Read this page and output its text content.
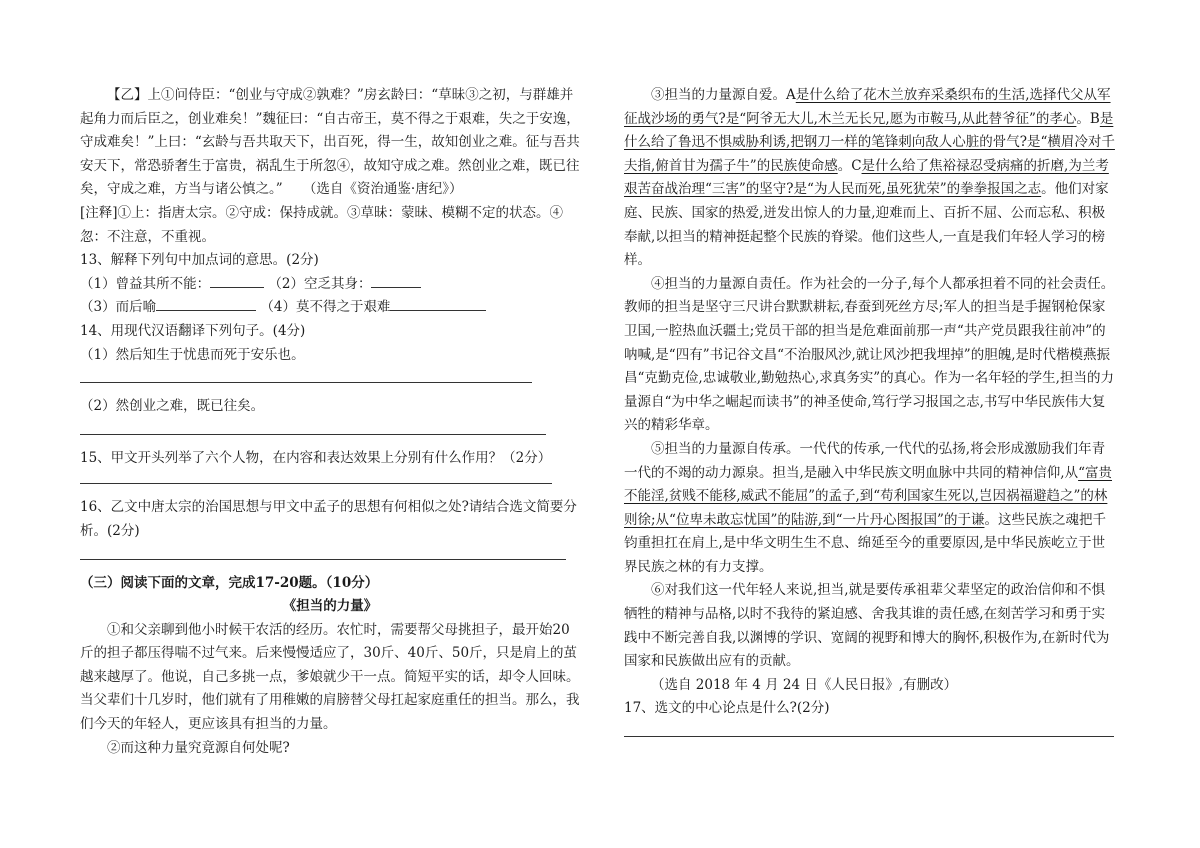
【乙】上①问侍臣：“创业与守成②孰难？”房玄龄曰：“草昧③之初，与群雄并起角力而后臣之，创业难矣！”魏征曰：“自古帝王，莫不得之于艰难，失之于安逸，守成难矣！”上曰：“玄龄与吾共取天下，出百死，得一生，故知创业之难。征与吾共安天下，常恐骄奢生于富贵，祸乱生于所忽④，故知守成之难。然创业之难，既已往矣，守成之难，方当与诸公慎之。”　　（选自《资治通鉴·唐纪》）

[注释]①上：指唐太宗。②守成：保持成就。③草昧：蒙昧、模糊不定的状态。④忽：不注意，不重视。

13、解释下列句中加点词的意思。(2分)

（1）曾益其所不能：	（2）空乏其身：

（3）而后喻	（4）莫不得之于艰难

14、用现代汉语翻译下列句子。(4分)

（1）然后知生于忧患而死于安乐也。

（2）然创业之难，既已往矣。

15、甲文开头列举了六个人物，在内容和表达效果上分别有什么作用？（2分）

16、乙文中唐太宗的治国思想与甲文中孟子的思想有何相似之处?请结合选文简要分析。(2分)

（三）阅读下面的文章，完成17-20题。（10分）

《担当的力量》

①和父亲聊到他小时候干农活的经历。农忙时，需要帮父母挑担子，最开始20斤的担子都压得喘不过气来。后来慢慢适应了，30斤、40斤、50斤，只是肩上的茧越来越厚了。他说，自己多挑一点，爹娘就少干一点。简短平实的话，却令人回味。当父辈们十几岁时，他们就有了用稚嫩的肩膀替父母扛起家庭重任的担当。那么，我们今天的年轻人，更应该具有担当的力量。

②而这种力量究竟源自何处呢?

③担当的力量源自爱。A是什么给了花木兰放弃采桑织布的生活,选择代父从军征战沙场的勇气?是“阿爷无大儿,木兰无长兄,愿为市鞍马,从此替爷征”的孝心。B是什么给了鲁迅不惧威胁利诱,把钢刀一样的笔锋刺向敌人心脏的骨气?是“横眉冷对千夫指,俯首甘为孺子牛”的民族使命感。C是什么给了焦裕禄忍受病痛的折磨,为兰考艰苦奋战治理“三害”的坚守?是“为人民而死,虽死犹荣”的拳拳报国之志。他们对家庭、民族、国家的热爱,迸发出惊人的力量,迎难而上、百折不屈、公而忘私、积极奉献,以担当的精神挺起整个民族的脊梁。他们这些人,一直是我们年轻人学习的榜样。

④担当的力量源自责任。作为社会的一分子,每个人都承担着不同的社会责任。教师的担当是坚守三尺讲台默默耕耘,春蚕到死丝方尽;军人的担当是手握钢枪保家卫国,一腔热血沃疆土;党员干部的担当是危难面前那一声“共产党员跟我往前冲”的呐喊,是“四有”书记谷文昌“不治服风沙,就让风沙把我埋掉”的胆魄,是时代楷模燕振昌“克勤克俭,忠诚敬业,勤勉热心,求真务实”的真心。作为一名年轻的学生,担当的力量源自“为中华之崛起而读书”的神圣使命,笃行学习报国之志,书写中华民族伟大复兴的精彩华章。

⑤担当的力量源自传承。一代代的传承,一代代的弘扬,将会形成激励我们年青一代的不竭的动力源泉。担当,是融入中华民族文明血脉中共同的精神信仰,从“富贵不能淫,贫贱不能移,威武不能屈”的孟子,到“苟利国家生死以,岂因祸福避趋之”的林则徐;从“位卑未敢忘忧国”的陆游,到“一片丹心图报国”的于谦。这些民族之魂把千钧重担扛在肩上,是中华文明生生不息、绵延至今的重要原因,是中华民族屹立于世界民族之林的有力支撑。

⑥对我们这一代年轻人来说,担当,就是要传承祖辈父辈坚定的政治信仰和不惧牺牲的精神与品格,以时不我待的紧迫感、舍我其谁的责任感,在刻苦学习和勇于实践中不断完善自我,以渊博的学识、宽阔的视野和博大的胸怀,积极作为,在新时代为国家和民族做出应有的贡献。

（选自 2018 年 4 月 24 日《人民日报》,有删改）

17、选文的中心论点是什么?(2分)
